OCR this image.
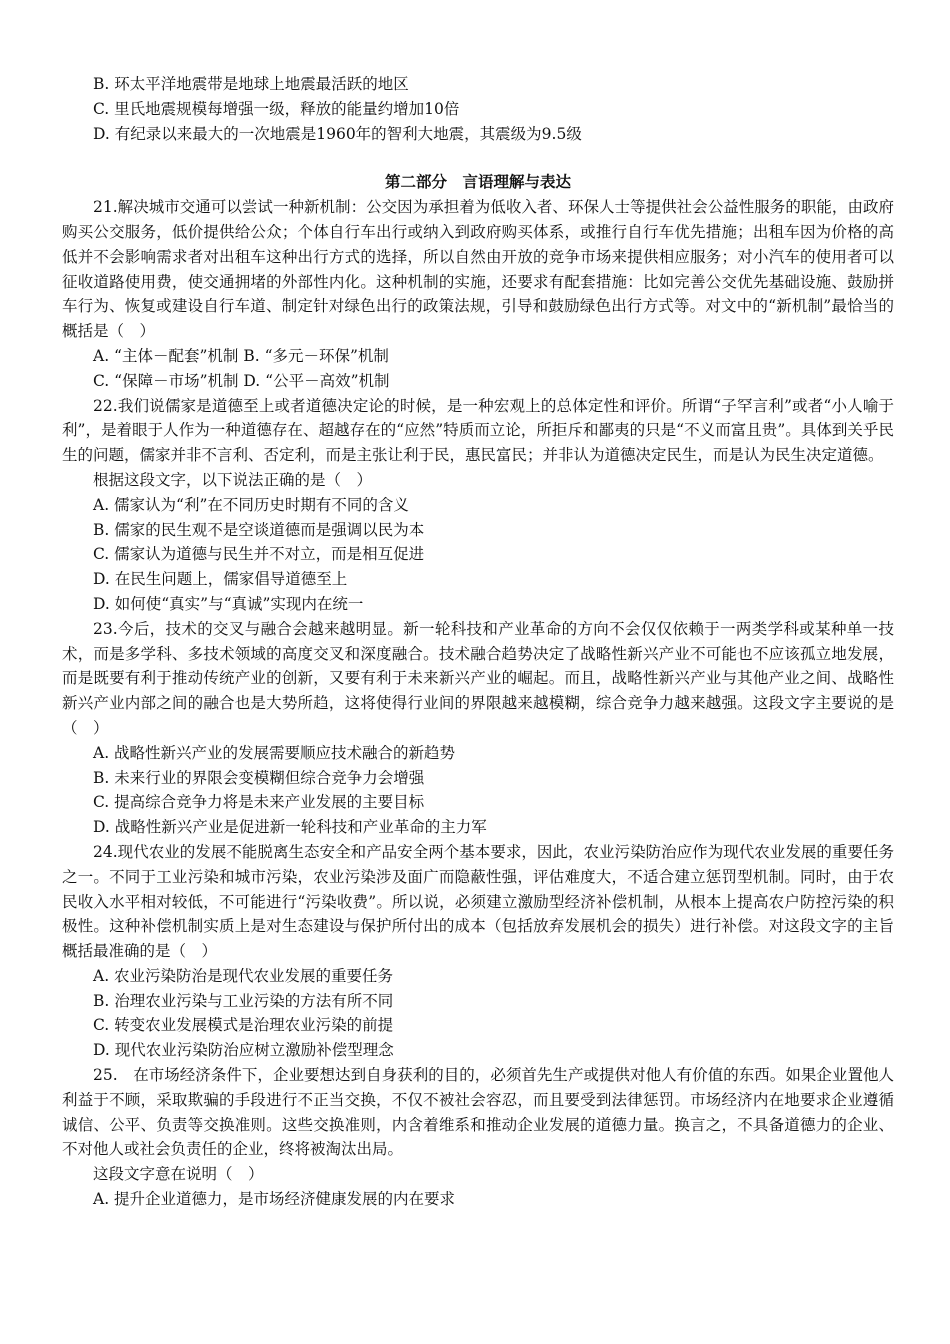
B. 环太平洋地震带是地球上地震最活跃的地区
C. 里氏地震规模每增强一级，释放的能量约增加10倍
D. 有纪录以来最大的一次地震是1960年的智利大地震，其震级为9.5级
第二部分　言语理解与表达

21.解决城市交通可以尝试一种新机制：公交因为承担着为低收入者、环保人士等提供社会公益性服务的职能，由政府购买公交服务，低价提供给公众；个体自行车出行或纳入到政府购买体系，或推行自行车优先措施；出租车因为价格的高低并不会影响需求者对出租车这种出行方式的选择，所以自然由开放的竞争市场来提供相应服务；对小汽车的使用者可以征收道路使用费，使交通拥堵的外部性内化。这种机制的实施，还要求有配套措施：比如完善公交优先基础设施、鼓励拼车行为、恢复或建设自行车道、制定针对绿色出行的政策法规，引导和鼓励绿色出行方式等。对文中的“新机制”最恰当的概括是（　）

A. “主体－配套”机制 B. “多元－环保”机制
C. “保障－市场”机制 D. “公平－高效”机制

22.我们说儒家是道德至上或者道德决定论的时候，是一种宏观上的总体定性和评价。所谓“子罕言利”或者“小人喻于利”，是着眼于人作为一种道德存在、超越存在的“应然”特质而立论，所拒斥和鄙夷的只是“不义而富且贵”。具体到关乎民生的问题，儒家并非不言利、否定利，而是主张让利于民，惠民富民；并非认为道德决定民生，而是认为民生决定道德。

根据这段文字，以下说法正确的是（　）
A. 儒家认为“利”在不同历史时期有不同的含义
B. 儒家的民生观不是空谈道德而是强调以民为本
C. 儒家认为道德与民生并不对立，而是相互促进
D. 在民生问题上，儒家倡导道德至上
D. 如何使“真实”与“真诚”实现内在统一

23.今后，技术的交叉与融合会越来越明显。新一轮科技和产业革命的方向不会仅仅依赖于一两类学科或某种单一技术，而是多学科、多技术领域的高度交叉和深度融合。技术融合趋势决定了战略性新兴产业不可能也不应该孤立地发展，而是既要有利于推动传统产业的创新，又要有利于未来新兴产业的崛起。而且，战略性新兴产业与其他产业之间、战略性新兴产业内部之间的融合也是大势所趋，这将使得行业间的界限越来越模糊，综合竞争力越来越强。这段文字主要说的是（　）

A. 战略性新兴产业的发展需要顺应技术融合的新趋势
B. 未来行业的界限会变模糊但综合竞争力会增强
C. 提高综合竞争力将是未来产业发展的主要目标
D. 战略性新兴产业是促进新一轮科技和产业革命的主力军

24.现代农业的发展不能脱离生态安全和产品安全两个基本要求，因此，农业污染防治应作为现代农业发展的重要任务之一。不同于工业污染和城市污染，农业污染涉及面广而隐蔽性强，评估难度大，不适合建立惩罚型机制。同时，由于农民收入水平相对较低，不可能进行“污染收费”。所以说，必须建立激励型经济补偿机制，从根本上提高农户防控污染的积极性。这种补偿机制实质上是对生态建设与保护所付出的成本（包括放弃发展机会的损失）进行补偿。对这段文字的主旨概括最准确的是（　）

A. 农业污染防治是现代农业发展的重要任务
B. 治理农业污染与工业污染的方法有所不同
C. 转变农业发展模式是治理农业污染的前提
D. 现代农业污染防治应树立激励补偿型理念

25.　在市场经济条件下，企业要想达到自身获利的目的，必须首先生产或提供对他人有价值的东西。如果企业置他人利益于不顾，采取欺骗的手段进行不正当交换，不仅不被社会容忍，而且要受到法律惩罚。市场经济内在地要求企业遵循诚信、公平、负责等交换准则。这些交换准则，内含着维系和推动企业发展的道德力量。换言之，不具备道德力的企业、不对他人或社会负责任的企业，终将被淘汰出局。

这段文字意在说明（　）
A. 提升企业道德力，是市场经济健康发展的内在要求
